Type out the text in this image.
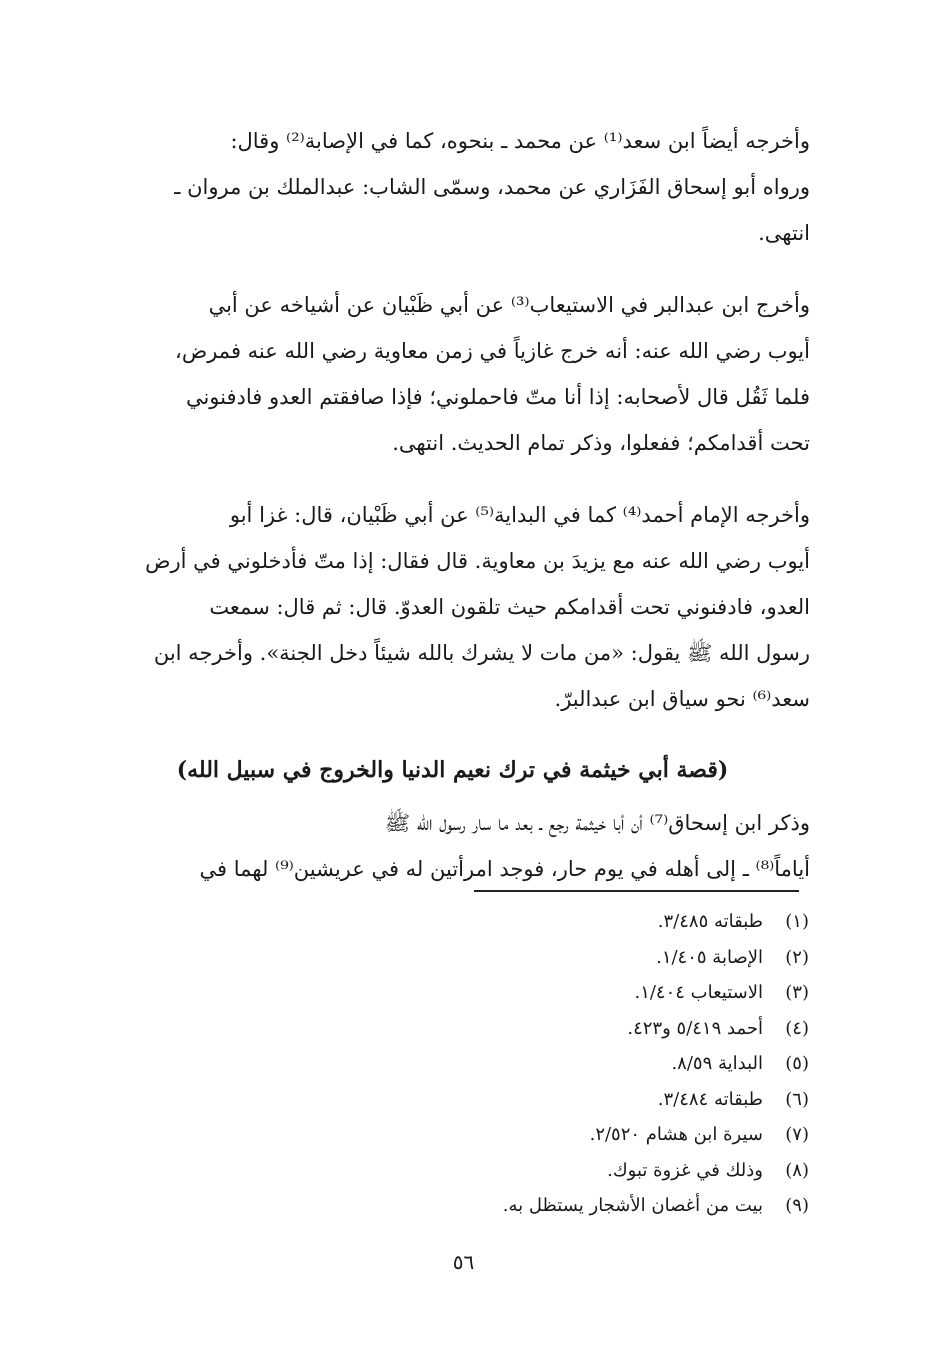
وأخرجه أيضاً ابن سعد⁽¹⁾ عن محمد ـ بنحوه، كما في الإصابة⁽²⁾ وقال:

ورواه أبو إسحاق الفَزَاري عن محمد، وسمّى الشاب: عبدالملك بن مروان ـ

انتهى.

وأخرج ابن عبدالبر في الاستيعاب⁽³⁾ عن أبي ظَبْيان عن أشياخه عن أبي

أيوب رضي الله عنه: أنه خرج غازياً في زمن معاوية رضي الله عنه فمرض،

فلما ثَقُل قال لأصحابه: إذا أنا متّ فاحملوني؛ فإذا صافقتم العدو فادفنوني

تحت أقدامكم؛ ففعلوا، وذكر تمام الحديث. انتهى.

وأخرجه الإمام أحمد⁽⁴⁾ كما في البداية⁽⁵⁾ عن أبي ظَبْيان، قال: غزا أبو

أيوب رضي الله عنه مع يزيدَ بن معاوية. قال فقال: إذا متّ فأدخلوني في أرض

العدو، فادفنوني تحت أقدامكم حيث تلقون العدوّ. قال: ثم قال: سمعت

رسول الله ﷺ يقول: «من مات لا يشرك بالله شيئاً دخل الجنة». وأخرجه ابن

سعد⁽⁶⁾ نحو سياق ابن عبدالبرّ.

(قصة أبي خيثمة في ترك نعيم الدنيا والخروج في سبيل الله)

وذكر ابن إسحاق⁽⁷⁾ أن أبا خيثمة رجع ـ بعد ما سار رسول الله ﷺ

أياماً⁽⁸⁾ ـ إلى أهله في يوم حار، فوجد امرأتين له في عريشين⁽⁹⁾ لهما في

(١)
طبقاته ٣/٤٨٥.
(٢)
الإصابة ١/٤٠٥.
(٣)
الاستيعاب ١/٤٠٤.
(٤)
أحمد ٥/٤١٩ و٤٢٣.
(٥)
البداية ٨/٥٩.
(٦)
طبقاته ٣/٤٨٤.
(٧)
سيرة ابن هشام ٢/٥٢٠.
(٨)
وذلك في غزوة تبوك.
(٩)
بيت من أغصان الأشجار يستظل به.
٥٦
